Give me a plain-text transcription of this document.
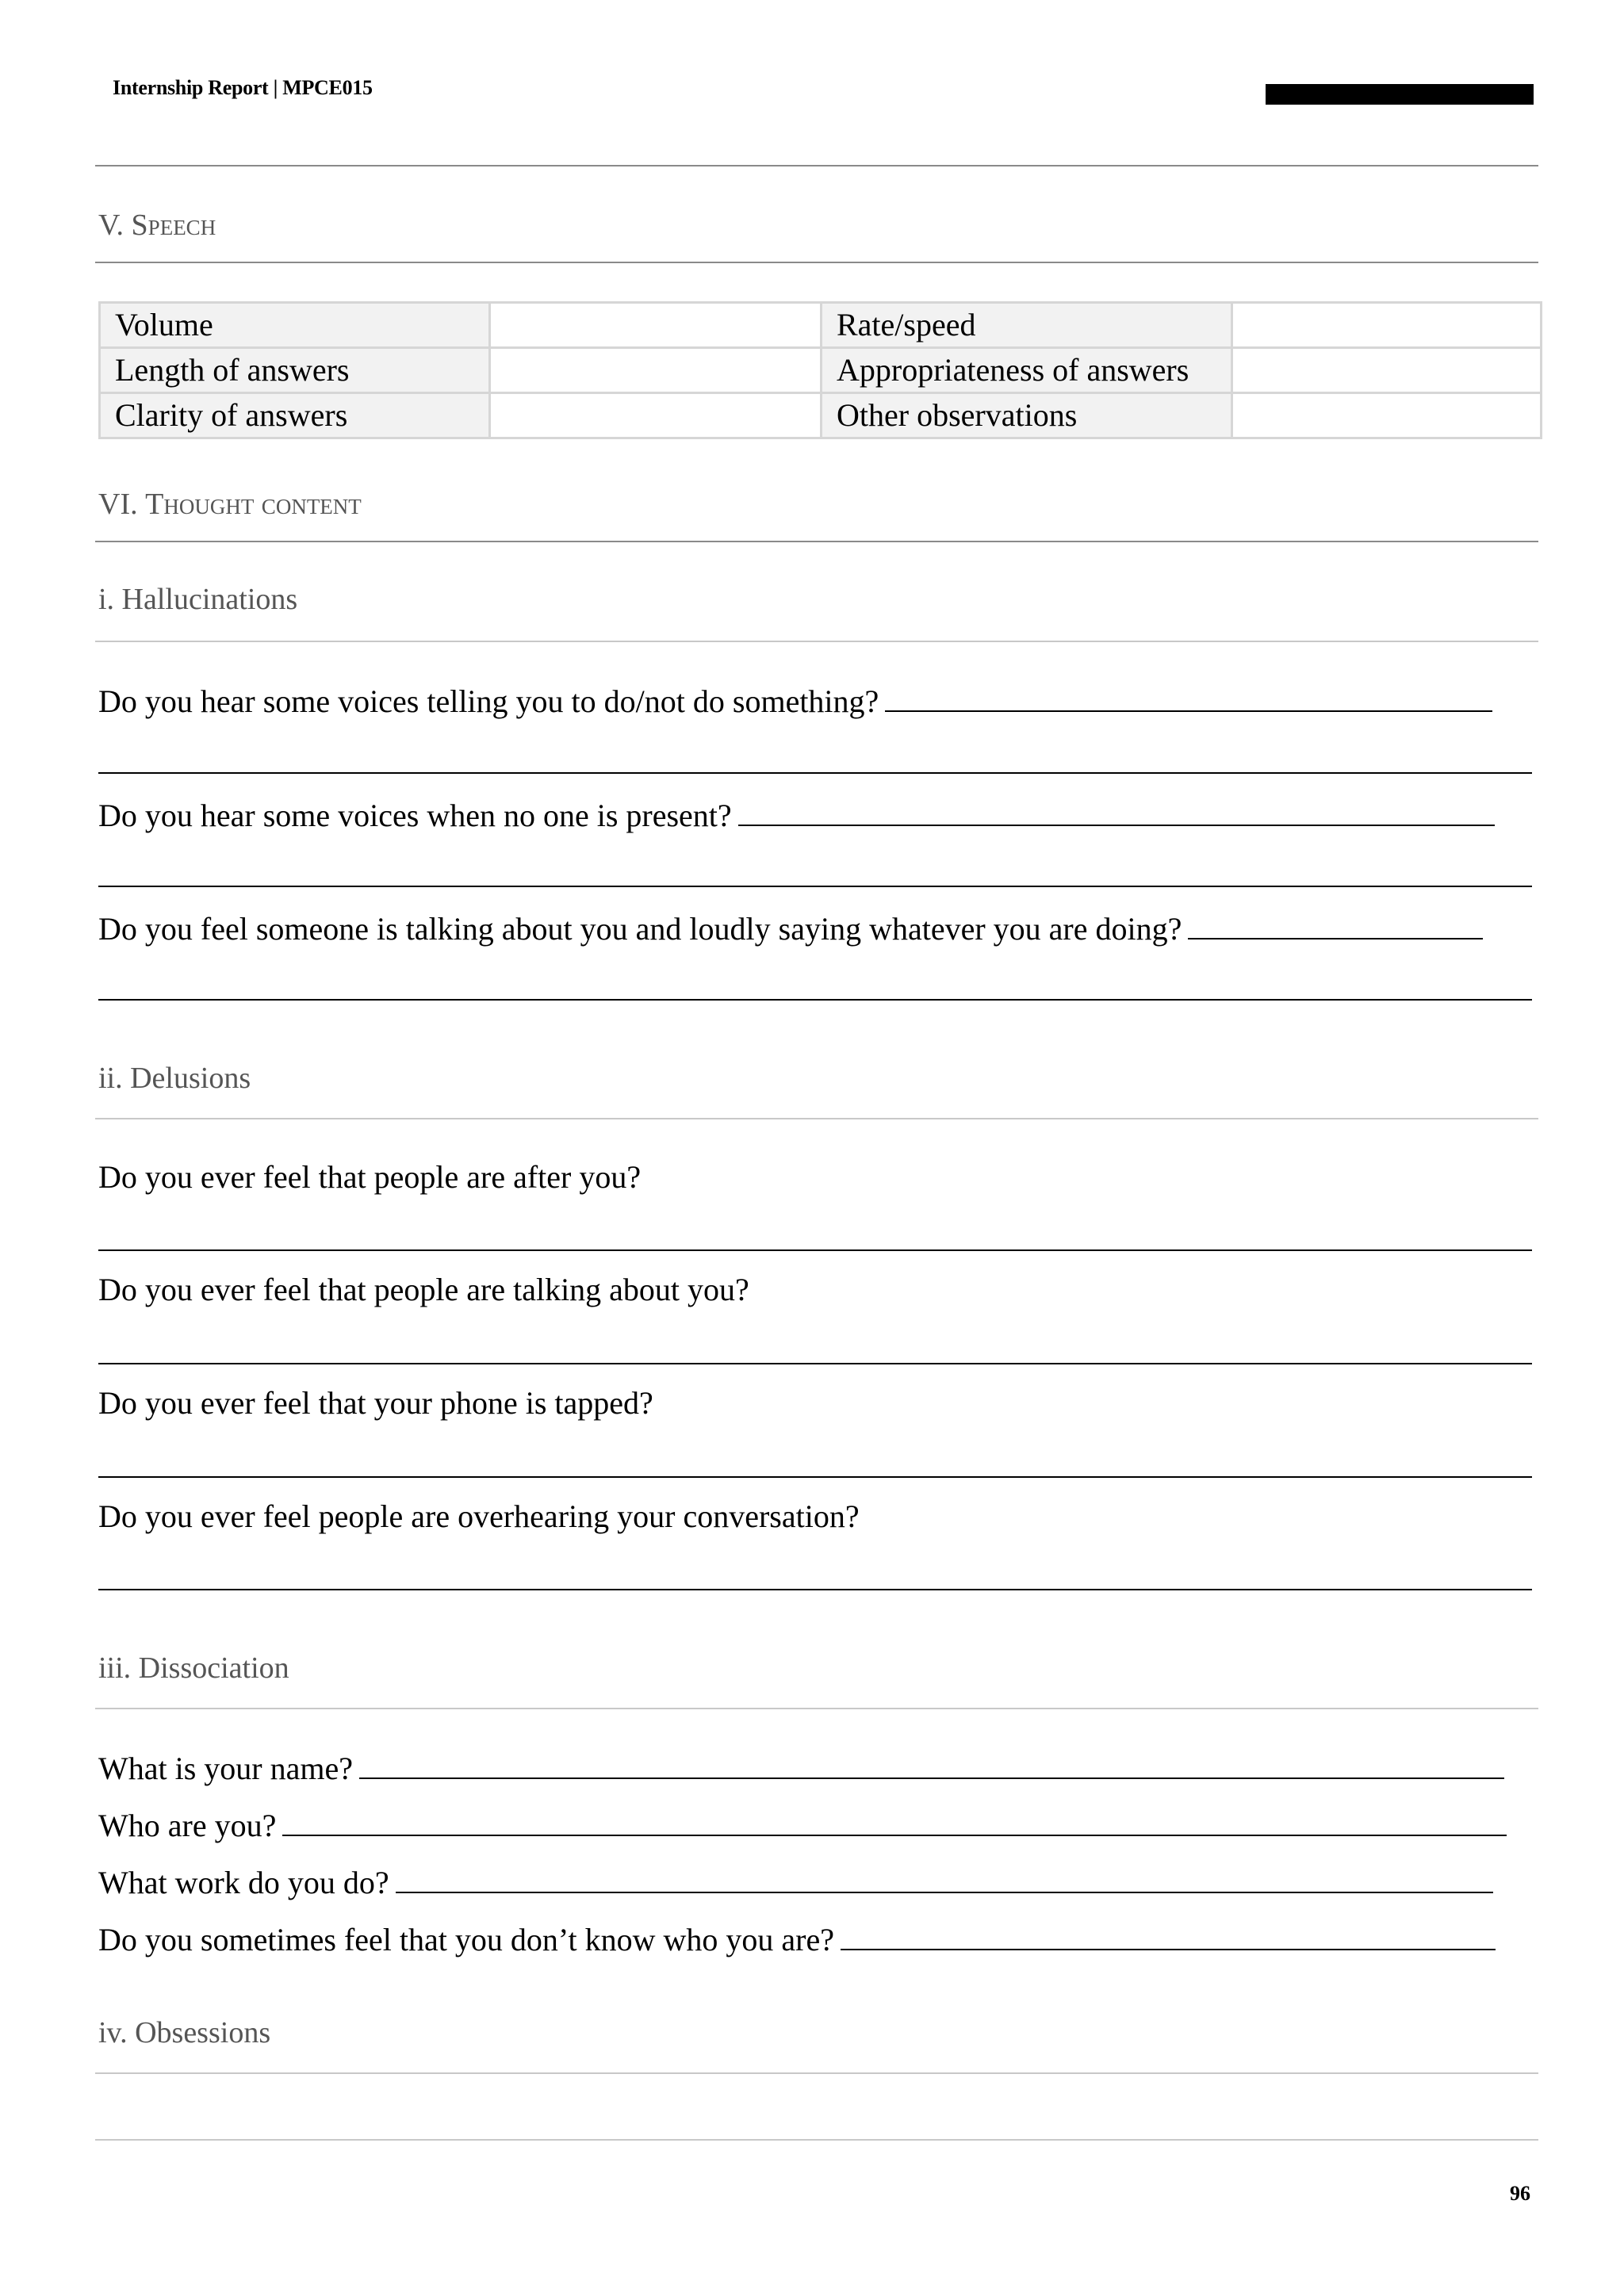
Internship Report | MPCE015
V. Speech
Volume		Rate/speed	
Length of answers		Appropriateness of answers	
Clarity of answers		Other observations	
VI. Thought content
i. Hallucinations
Do you hear some voices telling you to do/not do something?
Do you hear some voices when no one is present?
Do you feel someone is talking about you and loudly saying whatever you are doing?
ii. Delusions
Do you ever feel that people are after you?
Do you ever feel that people are talking about you?
Do you ever feel that your phone is tapped?
Do you ever feel people are overhearing your conversation?
iii. Dissociation
What is your name?
Who are you?
What work do you do?
Do you sometimes feel that you don’t know who you are?
iv. Obsessions
96
